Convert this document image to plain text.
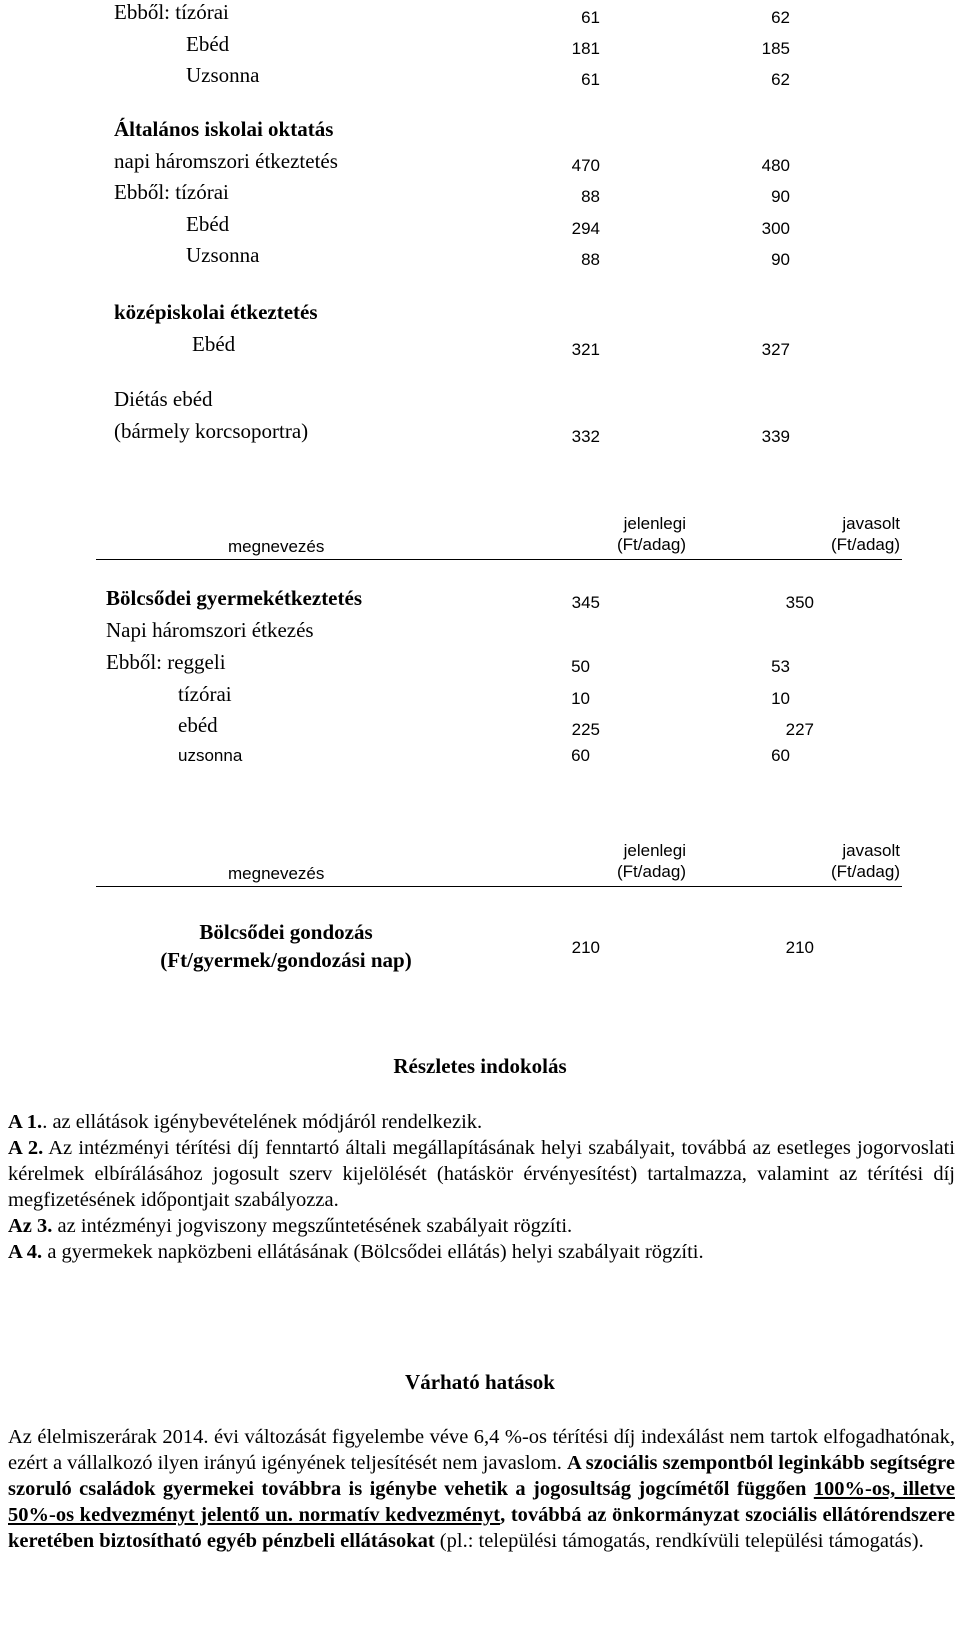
Ebből: tízórai	61	62
Ebéd	181	185
Uzsonna	61	62
Általános iskolai oktatás
napi háromszori étkeztetés	470	480
Ebből: tízórai	88	90
Ebéd	294	300
Uzsonna	88	90
középiskolai étkeztetés
Ebéd	321	327
Diétás ebéd
(bármely korcsoportra)	332	339
megnevezés
jelenlegi
(Ft/adag)
javasolt
(Ft/adag)
Bölcsődei gyermekétkeztetés	345	350
Napi háromszori étkezés
Ebből: reggeli	50	53
tízórai	10	10
ebéd	225	227
uzsonna	60	60
megnevezés
jelenlegi
(Ft/adag)
javasolt
(Ft/adag)
Bölcsődei gondozás
(Ft/gyermek/gondozási nap)
210	210
Részletes indokolás

A 1.. az ellátások igénybevételének módjáról rendelkezik.

A 2. Az intézményi térítési díj fenntartó általi megállapításának helyi szabályait, továbbá az esetleges jogorvoslati kérelmek elbírálásához jogosult szerv kijelölését (hatáskör érvényesítést) tartalmazza, valamint az térítési díj megfizetésének időpontjait szabályozza.

Az 3. az intézményi jogviszony megszűntetésének szabályait rögzíti.

A 4. a gyermekek napközbeni ellátásának (Bölcsődei ellátás) helyi szabályait rögzíti.

Várható hatások

Az élelmiszerárak 2014. évi változását figyelembe véve 6,4 %-os térítési díj indexálást nem tartok elfogadhatónak, ezért a vállalkozó ilyen irányú igényének teljesítését nem javaslom. A szociális szempontból leginkább segítségre szoruló családok gyermekei továbbra is igénybe vehetik a jogosultság jogcímétől függően 100%-os, illetve 50%-os kedvezményt jelentő un. normatív kedvezményt, továbbá az önkormányzat szociális ellátórendszere keretében biztosítható egyéb pénzbeli ellátásokat (pl.: települési támogatás, rendkívüli települési támogatás).
